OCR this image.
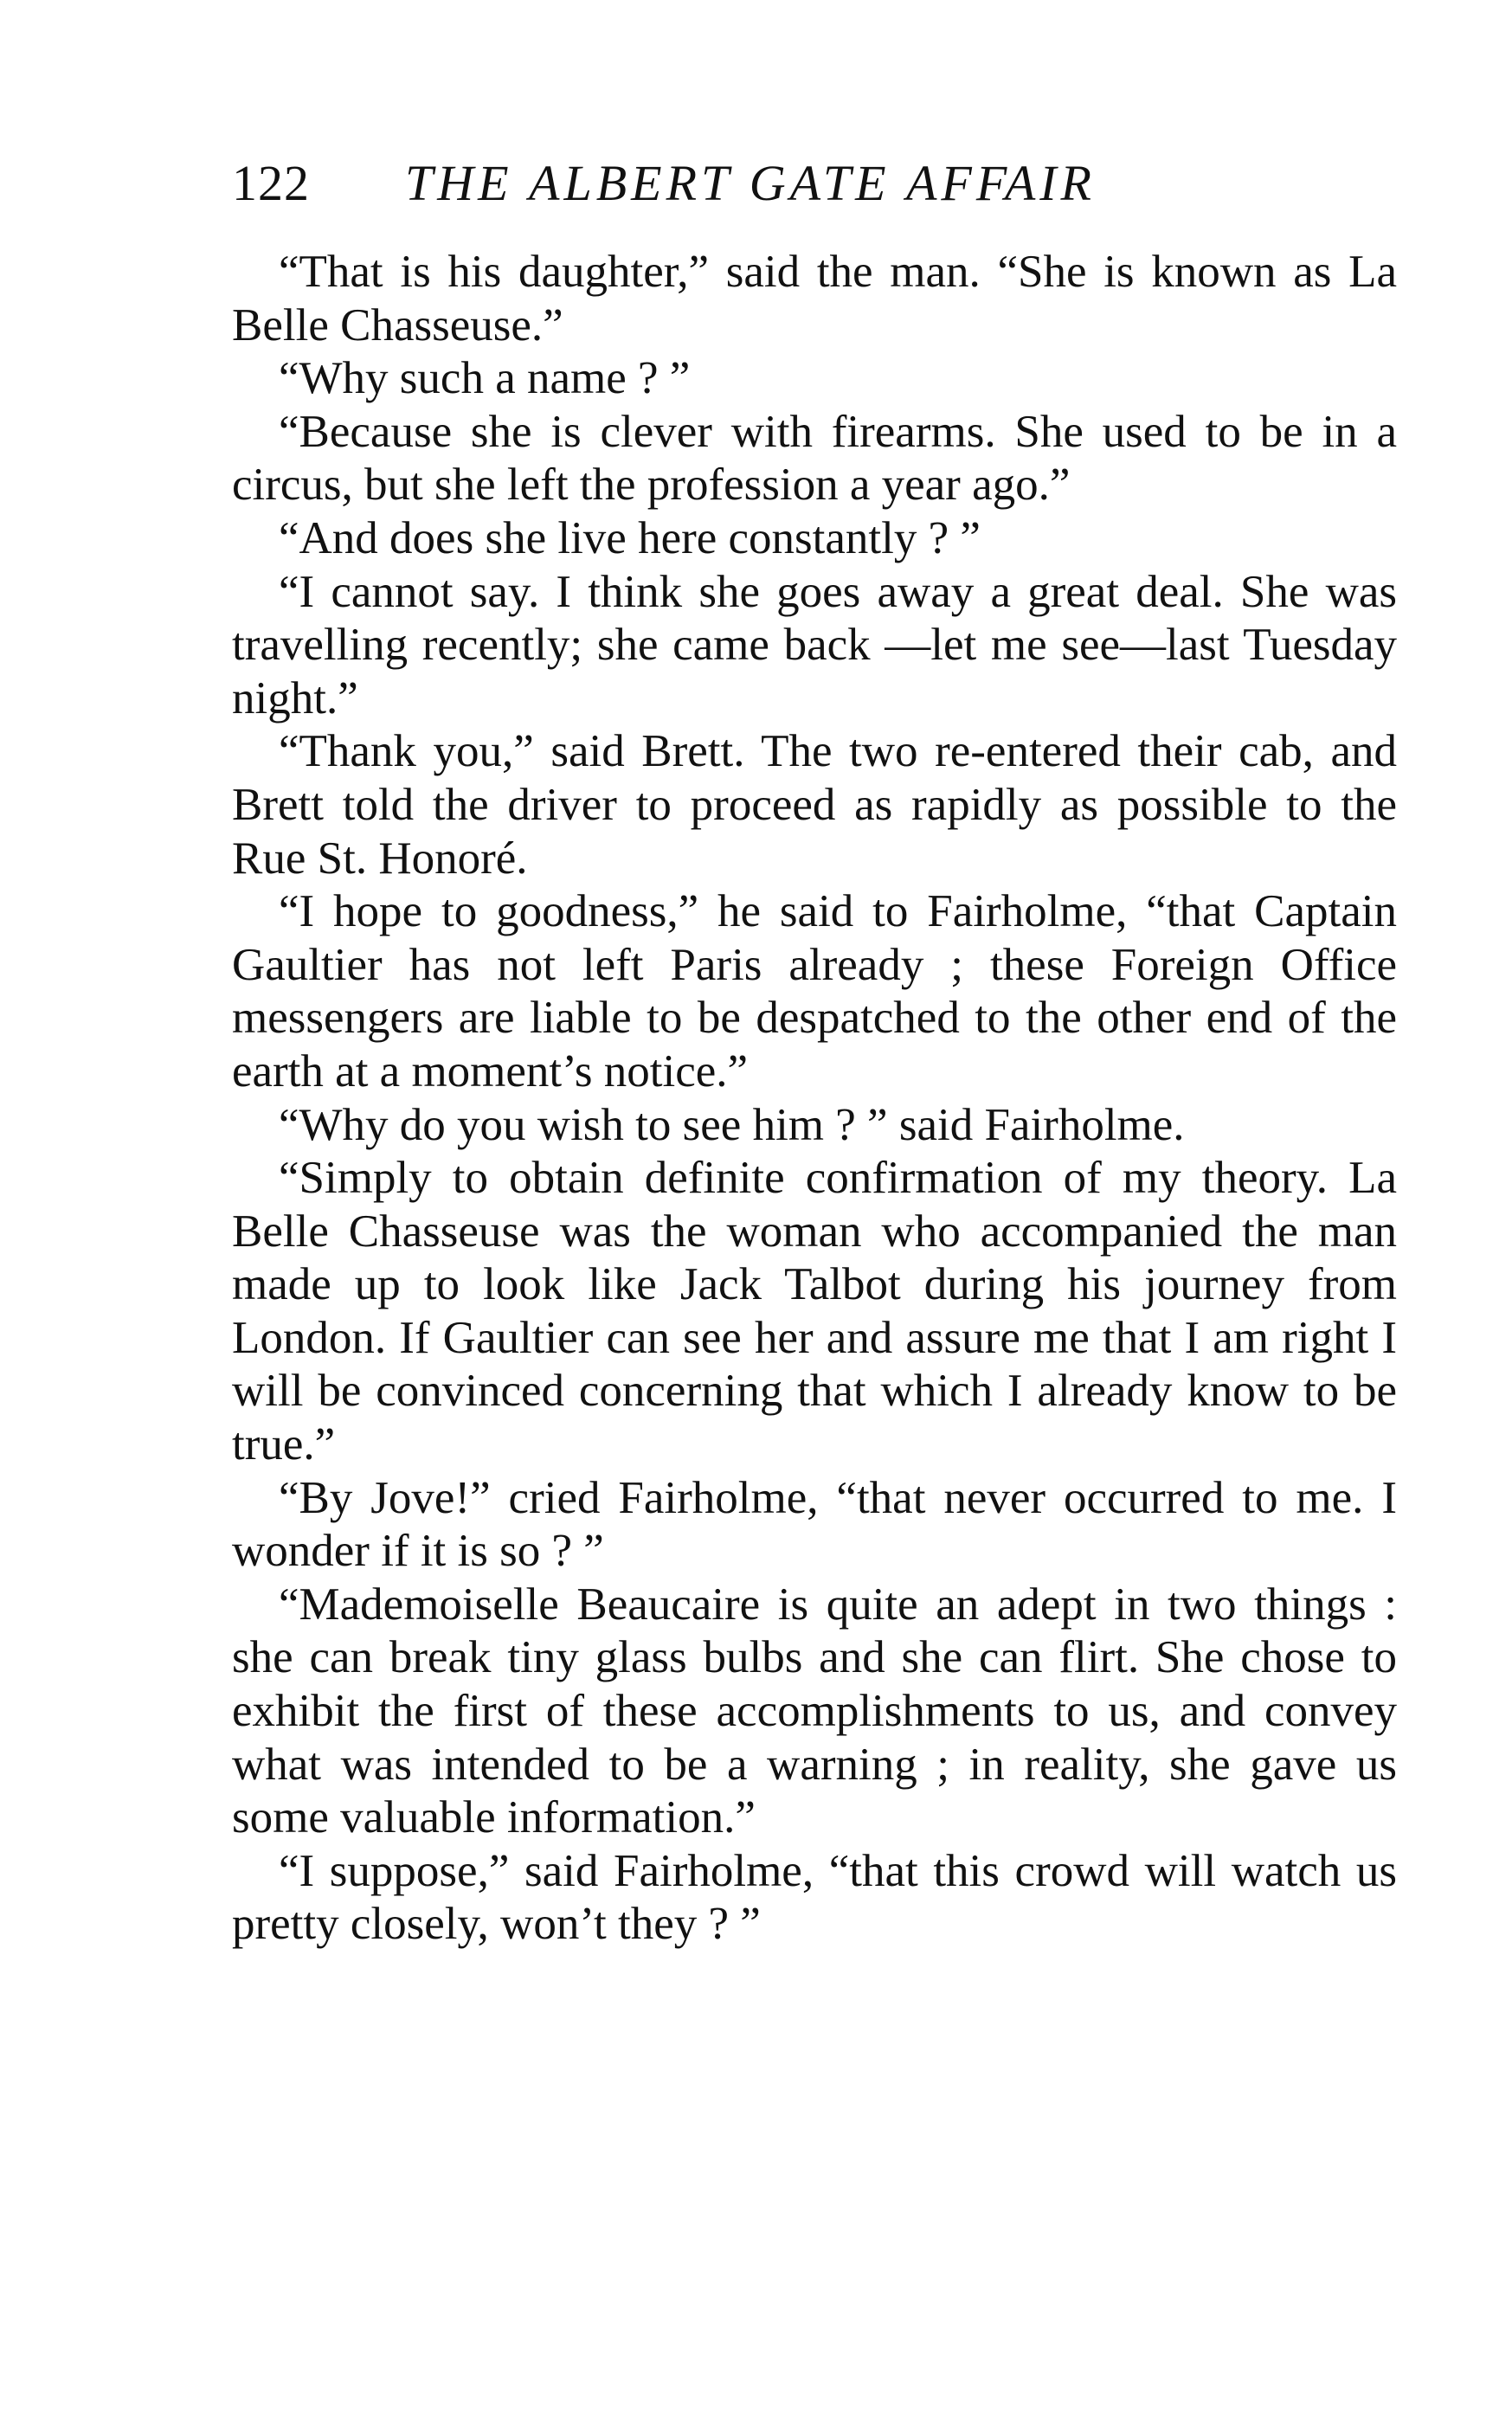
122 THE ALBERT GATE AFFAIR

“That is his daughter,” said the man. “She is known as La Belle Chasseuse.”

“Why such a name ? ”

“Because she is clever with firearms. She used to be in a circus, but she left the profession a year ago.”

“And does she live here constantly ? ”

“I cannot say. I think she goes away a great deal. She was travelling recently; she came back —let me see—last Tuesday night.”

“Thank you,” said Brett. The two re-entered their cab, and Brett told the driver to proceed as rapidly as possible to the Rue St. Honoré.

“I hope to goodness,” he said to Fairholme, “that Captain Gaultier has not left Paris already ; these Foreign Office messengers are liable to be despatched to the other end of the earth at a moment’s notice.”

“Why do you wish to see him ? ” said Fairholme.

“Simply to obtain definite confirmation of my theory. La Belle Chasseuse was the woman who accompanied the man made up to look like Jack Talbot during his journey from London. If Gaultier can see her and assure me that I am right I will be convinced concerning that which I already know to be true.”

“By Jove!” cried Fairholme, “that never occurred to me. I wonder if it is so ? ”

“Mademoiselle Beaucaire is quite an adept in two things : she can break tiny glass bulbs and she can flirt. She chose to exhibit the first of these accomplishments to us, and convey what was intended to be a warning ; in reality, she gave us some valuable information.”

“I suppose,” said Fairholme, “that this crowd will watch us pretty closely, won’t they ? ”
